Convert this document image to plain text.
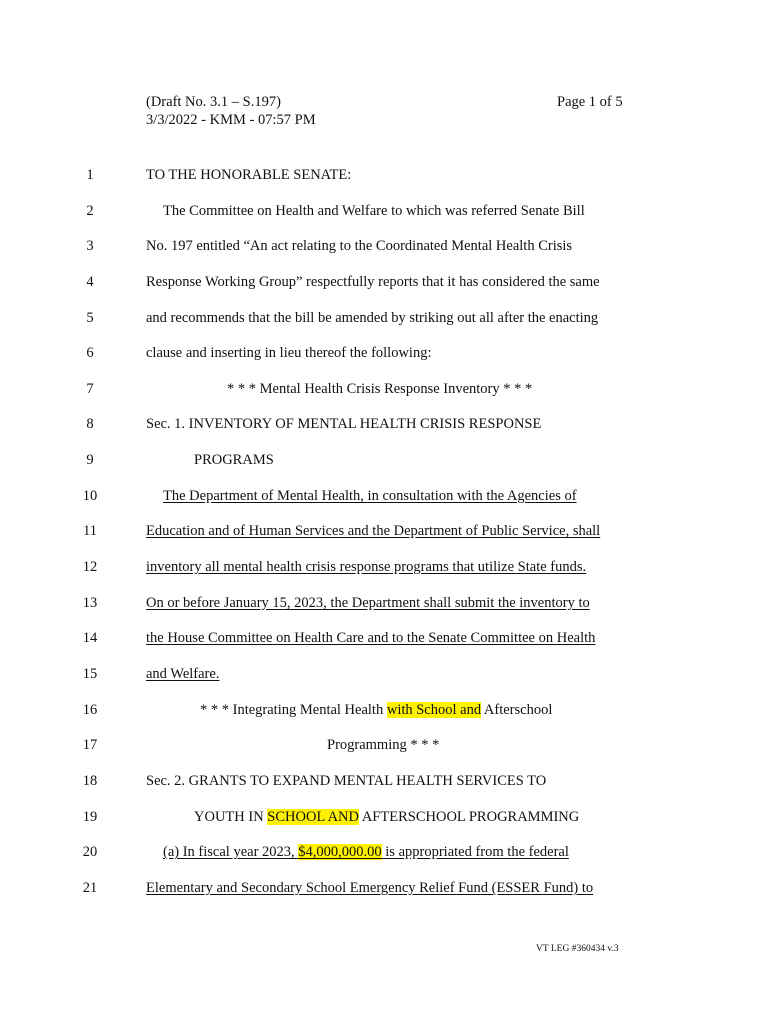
(Draft No. 3.1 – S.197)
3/3/2022 - KMM - 07:57 PM
Page 1 of 5
1
2
3
4
5
6
7
8
9
10
11
12
13
14
15
16
17
18
19
20
21
TO THE HONORABLE SENATE:
The Committee on Health and Welfare to which was referred Senate Bill
No. 197 entitled “An act relating to the Coordinated Mental Health Crisis
Response Working Group” respectfully reports that it has considered the same
and recommends that the bill be amended by striking out all after the enacting
clause and inserting in lieu thereof the following:
* * * Mental Health Crisis Response Inventory * * *
Sec. 1. INVENTORY OF MENTAL HEALTH CRISIS RESPONSE
PROGRAMS
The Department of Mental Health, in consultation with the Agencies of
Education and of Human Services and the Department of Public Service, shall
inventory all mental health crisis response programs that utilize State funds.
On or before January 15, 2023, the Department shall submit the inventory to
the House Committee on Health Care and to the Senate Committee on Health
and Welfare.
* * * Integrating Mental Health with School and Afterschool
Programming * * *
Sec. 2. GRANTS TO EXPAND MENTAL HEALTH SERVICES TO
YOUTH IN SCHOOL AND AFTERSCHOOL PROGRAMMING
(a) In fiscal year 2023, $4,000,000.00 is appropriated from the federal
Elementary and Secondary School Emergency Relief Fund (ESSER Fund) to
VT LEG #360434 v.3
